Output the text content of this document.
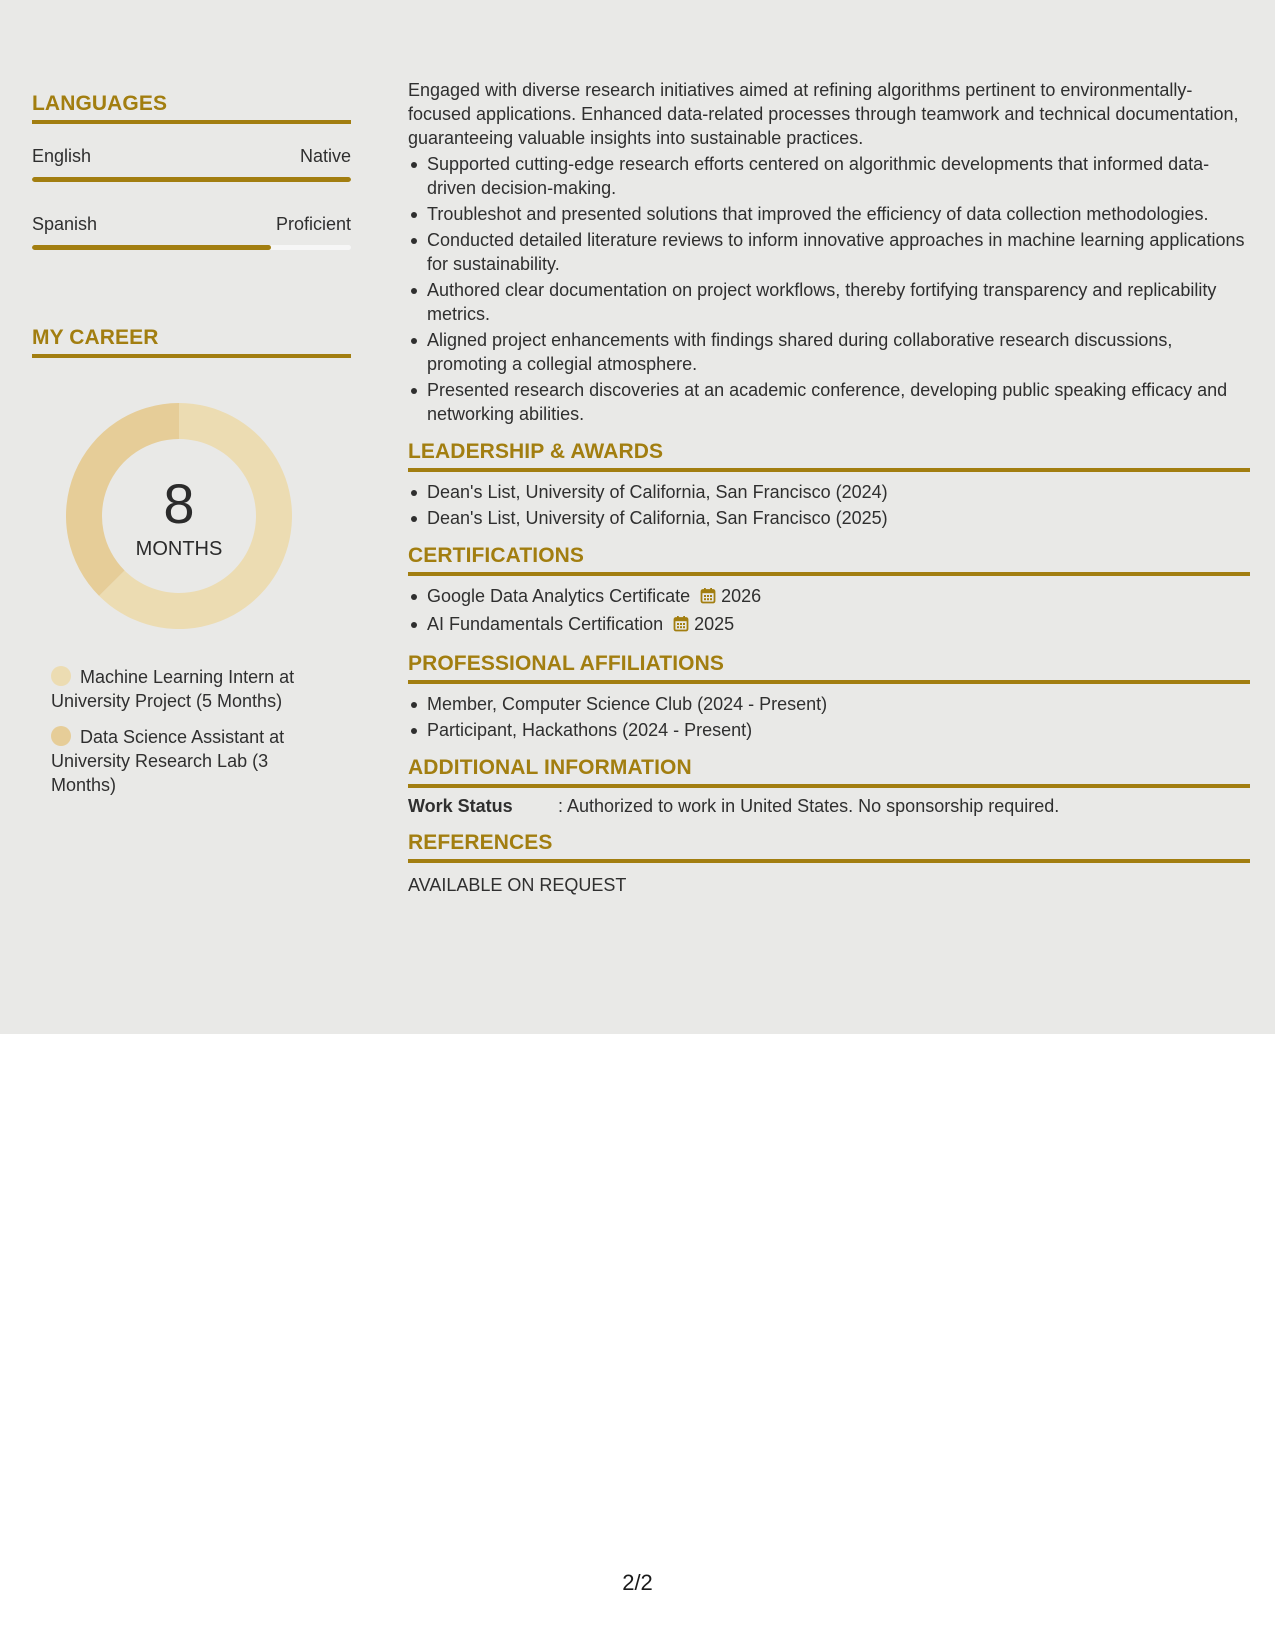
LANGUAGES
English	Native
Spanish	Proficient
MY CAREER
8
MONTHS
Machine Learning Intern at University Project (5 Months)
Data Science Assistant at University Research Lab (3 Months)

Engaged with diverse research initiatives aimed at refining algorithms pertinent to environmentally-focused applications. Enhanced data-related processes through teamwork and technical documentation, guaranteeing valuable insights into sustainable practices.

Supported cutting-edge research efforts centered on algorithmic developments that informed data-driven decision-making.
Troubleshot and presented solutions that improved the efficiency of data collection methodologies.
Conducted detailed literature reviews to inform innovative approaches in machine learning applications for sustainability.
Authored clear documentation on project workflows, thereby fortifying transparency and replicability metrics.
Aligned project enhancements with findings shared during collaborative research discussions, promoting a collegial atmosphere.
Presented research discoveries at an academic conference, developing public speaking efficacy and networking abilities.
LEADERSHIP & AWARDS
Dean's List, University of California, San Francisco (2024)
Dean's List, University of California, San Francisco (2025)
CERTIFICATIONS
Google Data Analytics Certificate 2026
AI Fundamentals Certification 2025
PROFESSIONAL AFFILIATIONS
Member, Computer Science Club (2024 - Present)
Participant, Hackathons (2024 - Present)
ADDITIONAL INFORMATION
Work Status	: Authorized to work in United States. No sponsorship required.
REFERENCES
AVAILABLE ON REQUEST
2/2
